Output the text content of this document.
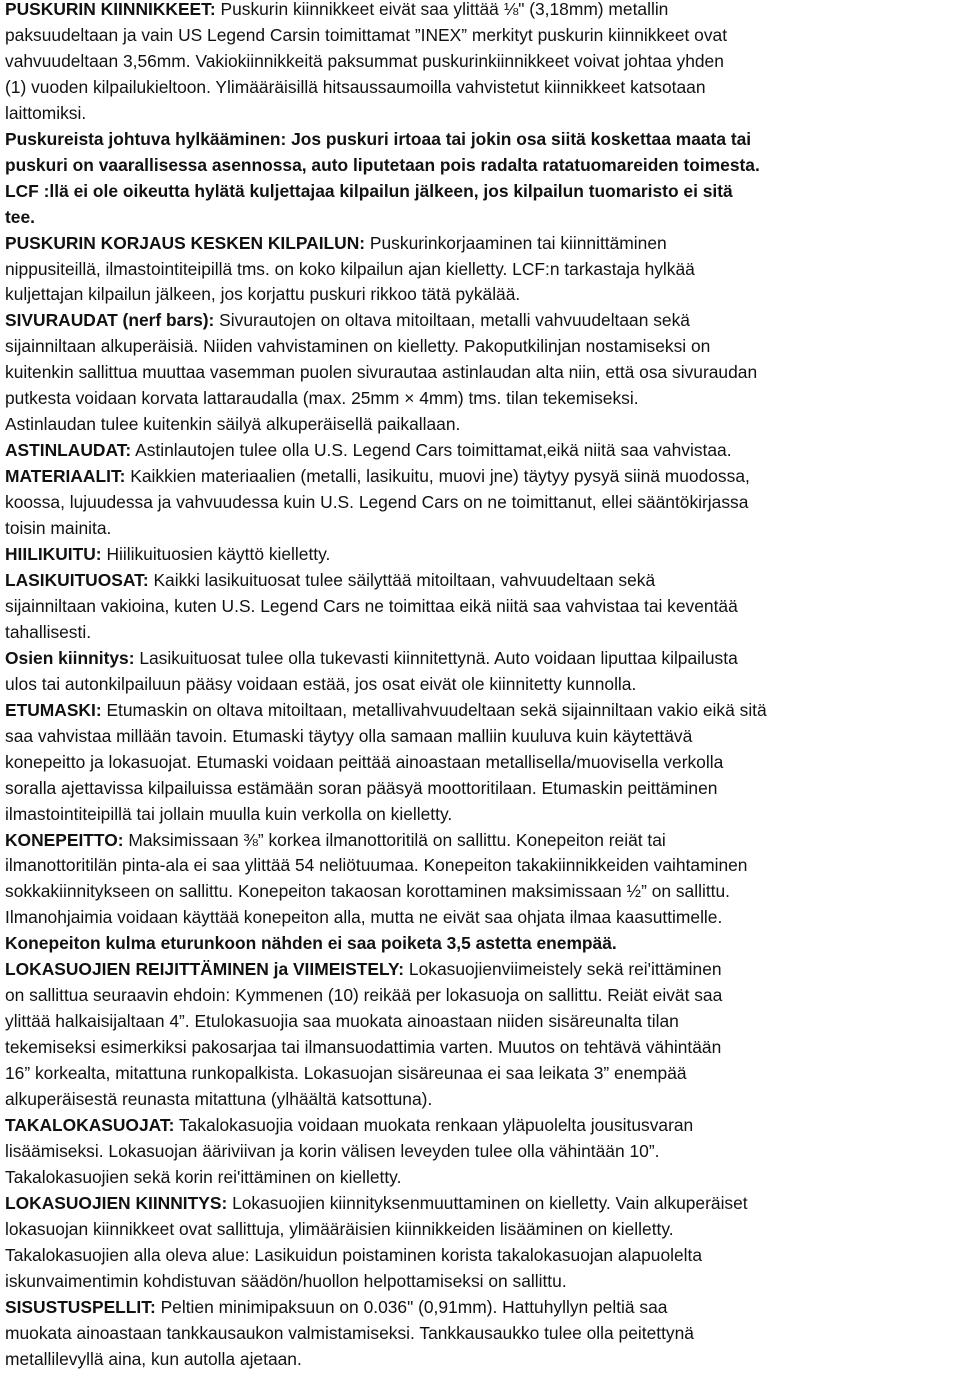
PUSKURIN KIINNIKKEET: Puskurin kiinnikkeet eivät saa ylittää ⅛" (3,18mm) metallin
paksuudeltaan ja vain US Legend Carsin toimittamat ”INEX” merkityt puskurin kiinnikkeet ovat
vahvuudeltaan 3,56mm. Vakiokiinnikkeitä paksummat puskurinkiinnikkeet voivat johtaa yhden
(1) vuoden kilpailukieltoon. Ylimääräisillä hitsaussaumoilla vahvistetut kiinnikkeet katsotaan
laittomiksi.
Puskureista johtuva hylkääminen: Jos puskuri irtoaa tai jokin osa siitä koskettaa maata tai
puskuri on vaarallisessa asennossa, auto liputetaan pois radalta ratatuomareiden toimesta.
LCF :llä ei ole oikeutta hylätä kuljettajaa kilpailun jälkeen, jos kilpailun tuomaristo ei sitä
tee.
PUSKURIN KORJAUS KESKEN KILPAILUN: Puskurinkorjaaminen tai kiinnittäminen
nippusiteillä, ilmastointiteipillä tms. on koko kilpailun ajan kielletty. LCF:n tarkastaja hylkää
kuljettajan kilpailun jälkeen, jos korjattu puskuri rikkoo tätä pykälää.
SIVURAUDAT (nerf bars): Sivurautojen on oltava mitoiltaan, metalli vahvuudeltaan sekä
sijainniltaan alkuperäisiä. Niiden vahvistaminen on kielletty. Pakoputkilinjan nostamiseksi on
kuitenkin sallittua muuttaa vasemman puolen sivurautaa astinlaudan alta niin, että osa sivuraudan
putkesta voidaan korvata lattaraudalla (max. 25mm × 4mm) tms. tilan tekemiseksi.
Astinlaudan tulee kuitenkin säilyä alkuperäisellä paikallaan.
ASTINLAUDAT: Astinlautojen tulee olla U.S. Legend Cars toimittamat,eikä niitä saa vahvistaa.
MATERIAALIT: Kaikkien materiaalien (metalli, lasikuitu, muovi jne) täytyy pysyä siinä muodossa,
koossa, lujuudessa ja vahvuudessa kuin U.S. Legend Cars on ne toimittanut, ellei sääntökirjassa
toisin mainita.
HIILIKUITU: Hiilikuituosien käyttö kielletty.
LASIKUITUOSAT: Kaikki lasikuituosat tulee säilyttää mitoiltaan, vahvuudeltaan sekä
sijainniltaan vakioina, kuten U.S. Legend Cars ne toimittaa eikä niitä saa vahvistaa tai keventää
tahallisesti.
Osien kiinnitys: Lasikuituosat tulee olla tukevasti kiinnitettynä. Auto voidaan liputtaa kilpailusta
ulos tai autonkilpailuun pääsy voidaan estää, jos osat eivät ole kiinnitetty kunnolla.
ETUMASKI: Etumaskin on oltava mitoiltaan, metallivahvuudeltaan sekä sijainniltaan vakio eikä sitä
saa vahvistaa millään tavoin. Etumaski täytyy olla samaan malliin kuuluva kuin käytettävä
konepeitto ja lokasuojat. Etumaski voidaan peittää ainoastaan metallisella/muovisella verkolla
soralla ajettavissa kilpailuissa estämään soran pääsyä moottoritilaan. Etumaskin peittäminen
ilmastointiteipillä tai jollain muulla kuin verkolla on kielletty.
KONEPEITTO: Maksimissaan ⅜” korkea ilmanottoritilä on sallittu. Konepeiton reiät tai
ilmanottoritilän pinta-ala ei saa ylittää 54 neliötuumaa. Konepeiton takakiinnikkeiden vaihtaminen
sokkakiinnitykseen on sallittu. Konepeiton takaosan korottaminen maksimissaan ½” on sallittu.
Ilmanohjaimia voidaan käyttää konepeiton alla, mutta ne eivät saa ohjata ilmaa kaasuttimelle.
Konepeiton kulma eturunkoon nähden ei saa poiketa 3,5 astetta enempää.
LOKASUOJIEN REIJITTÄMINEN ja VIIMEISTELY: Lokasuojienviimeistely sekä rei'ittäminen
on sallittua seuraavin ehdoin: Kymmenen (10) reikää per lokasuoja on sallittu. Reiät eivät saa
ylittää halkaisijaltaan 4”. Etulokasuojia saa muokata ainoastaan niiden sisäreunalta tilan
tekemiseksi esimerkiksi pakosarjaa tai ilmansuodattimia varten. Muutos on tehtävä vähintään
16” korkealta, mitattuna runkopalkista. Lokasuojan sisäreunaa ei saa leikata 3” enempää
alkuperäisestä reunasta mitattuna (ylhäältä katsottuna).
TAKALOKASUOJAT: Takalokasuojia voidaan muokata renkaan yläpuolelta jousitusvaran
lisäämiseksi. Lokasuojan ääriviivan ja korin välisen leveyden tulee olla vähintään 10”.
Takalokasuojien sekä korin rei'ittäminen on kielletty.
LOKASUOJIEN KIINNITYS: Lokasuojien kiinnityksenmuuttaminen on kielletty. Vain alkuperäiset
lokasuojan kiinnikkeet ovat sallittuja, ylimääräisien kiinnikkeiden lisääminen on kielletty.
Takalokasuojien alla oleva alue: Lasikuidun poistaminen korista takalokasuojan alapuolelta
iskunvaimentimin kohdistuvan säädön/huollon helpottamiseksi on sallittu.
SISUSTUSPELLIT: Peltien minimipaksuun on 0.036" (0,91mm). Hattuhyllyn peltiä saa
muokata ainoastaan tankkausaukon valmistamiseksi. Tankkausaukko tulee olla peitettynä
metallilevyllä aina, kun autolla ajetaan.
